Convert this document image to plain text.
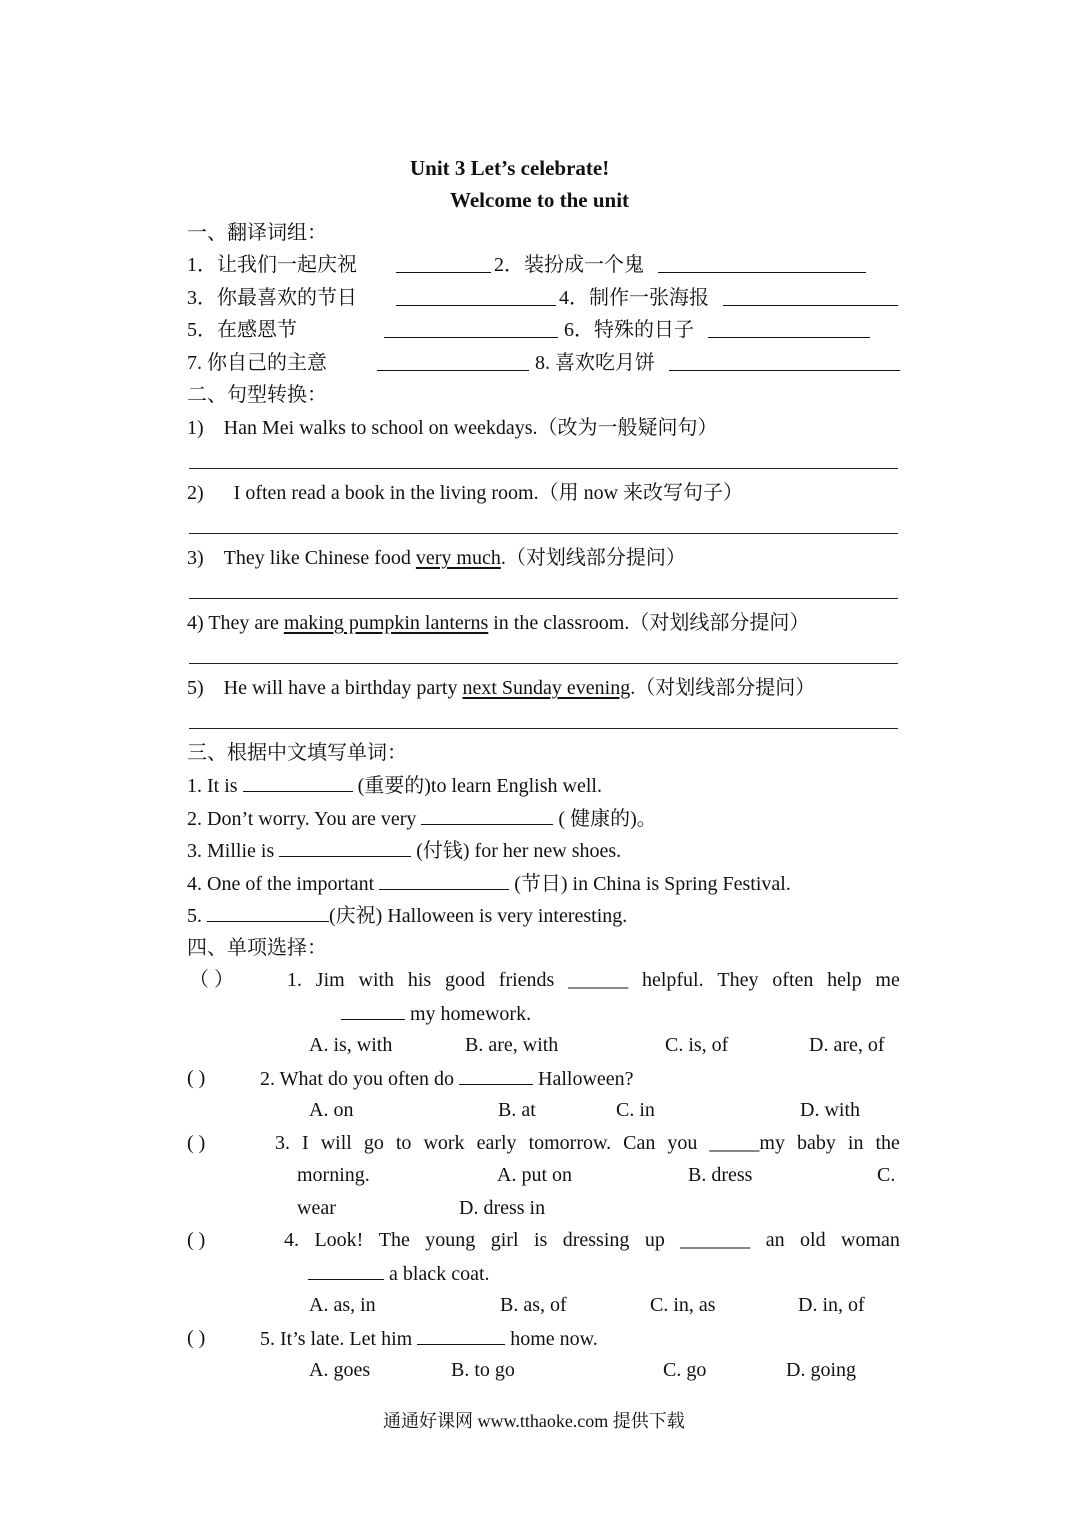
Unit 3 Let’s celebrate!
Welcome to the unit
一、翻译词组：
1．让我们一起庆祝	2．装扮成一个鬼
3．你最喜欢的节日	4．制作一张海报
5．在感恩节	6．特殊的日子
7. 你自己的主意	8. 喜欢吃月饼
二、句型转换：
1) Han Mei walks to school on weekdays.（改为一般疑问句）
2) I often read a book in the living room.（用 now 来改写句子）
3) They like Chinese food very much.（对划线部分提问）
4) They are making pumpkin lanterns in the classroom.（对划线部分提问）
5) He will have a birthday party next Sunday evening.（对划线部分提问）
三、根据中文填写单词：
1. It is	(重要的)to learn English well.
2. Don’t worry. You are very	( 健康的)。
3. Millie is	(付钱) for her new shoes.
4. One of the important	(节日) in China is Spring Festival.
5.	(庆祝) Halloween is very interesting.
四、单项选择：
（ ）	1. Jim with his good friends ______ helpful. They often help me
my homework.
A. is, with	B. are, with	C. is, of	D. are, of
( )	2. What do you often do	Halloween?
A. on	B. at	C. in	D. with
( )	3. I will go to work early tomorrow. Can you _____my baby in the
morning.	A. put on	B. dress	C.
wear	D. dress in
( )	4. Look! The young girl is dressing up _______ an old woman
a black coat.
A. as, in	B. as, of	C. in, as	D. in, of
( )	5. It’s late. Let him	home now.
A. goes	B. to go	C. go	D. going
通通好课网 www.tthaoke.com 提供下载
